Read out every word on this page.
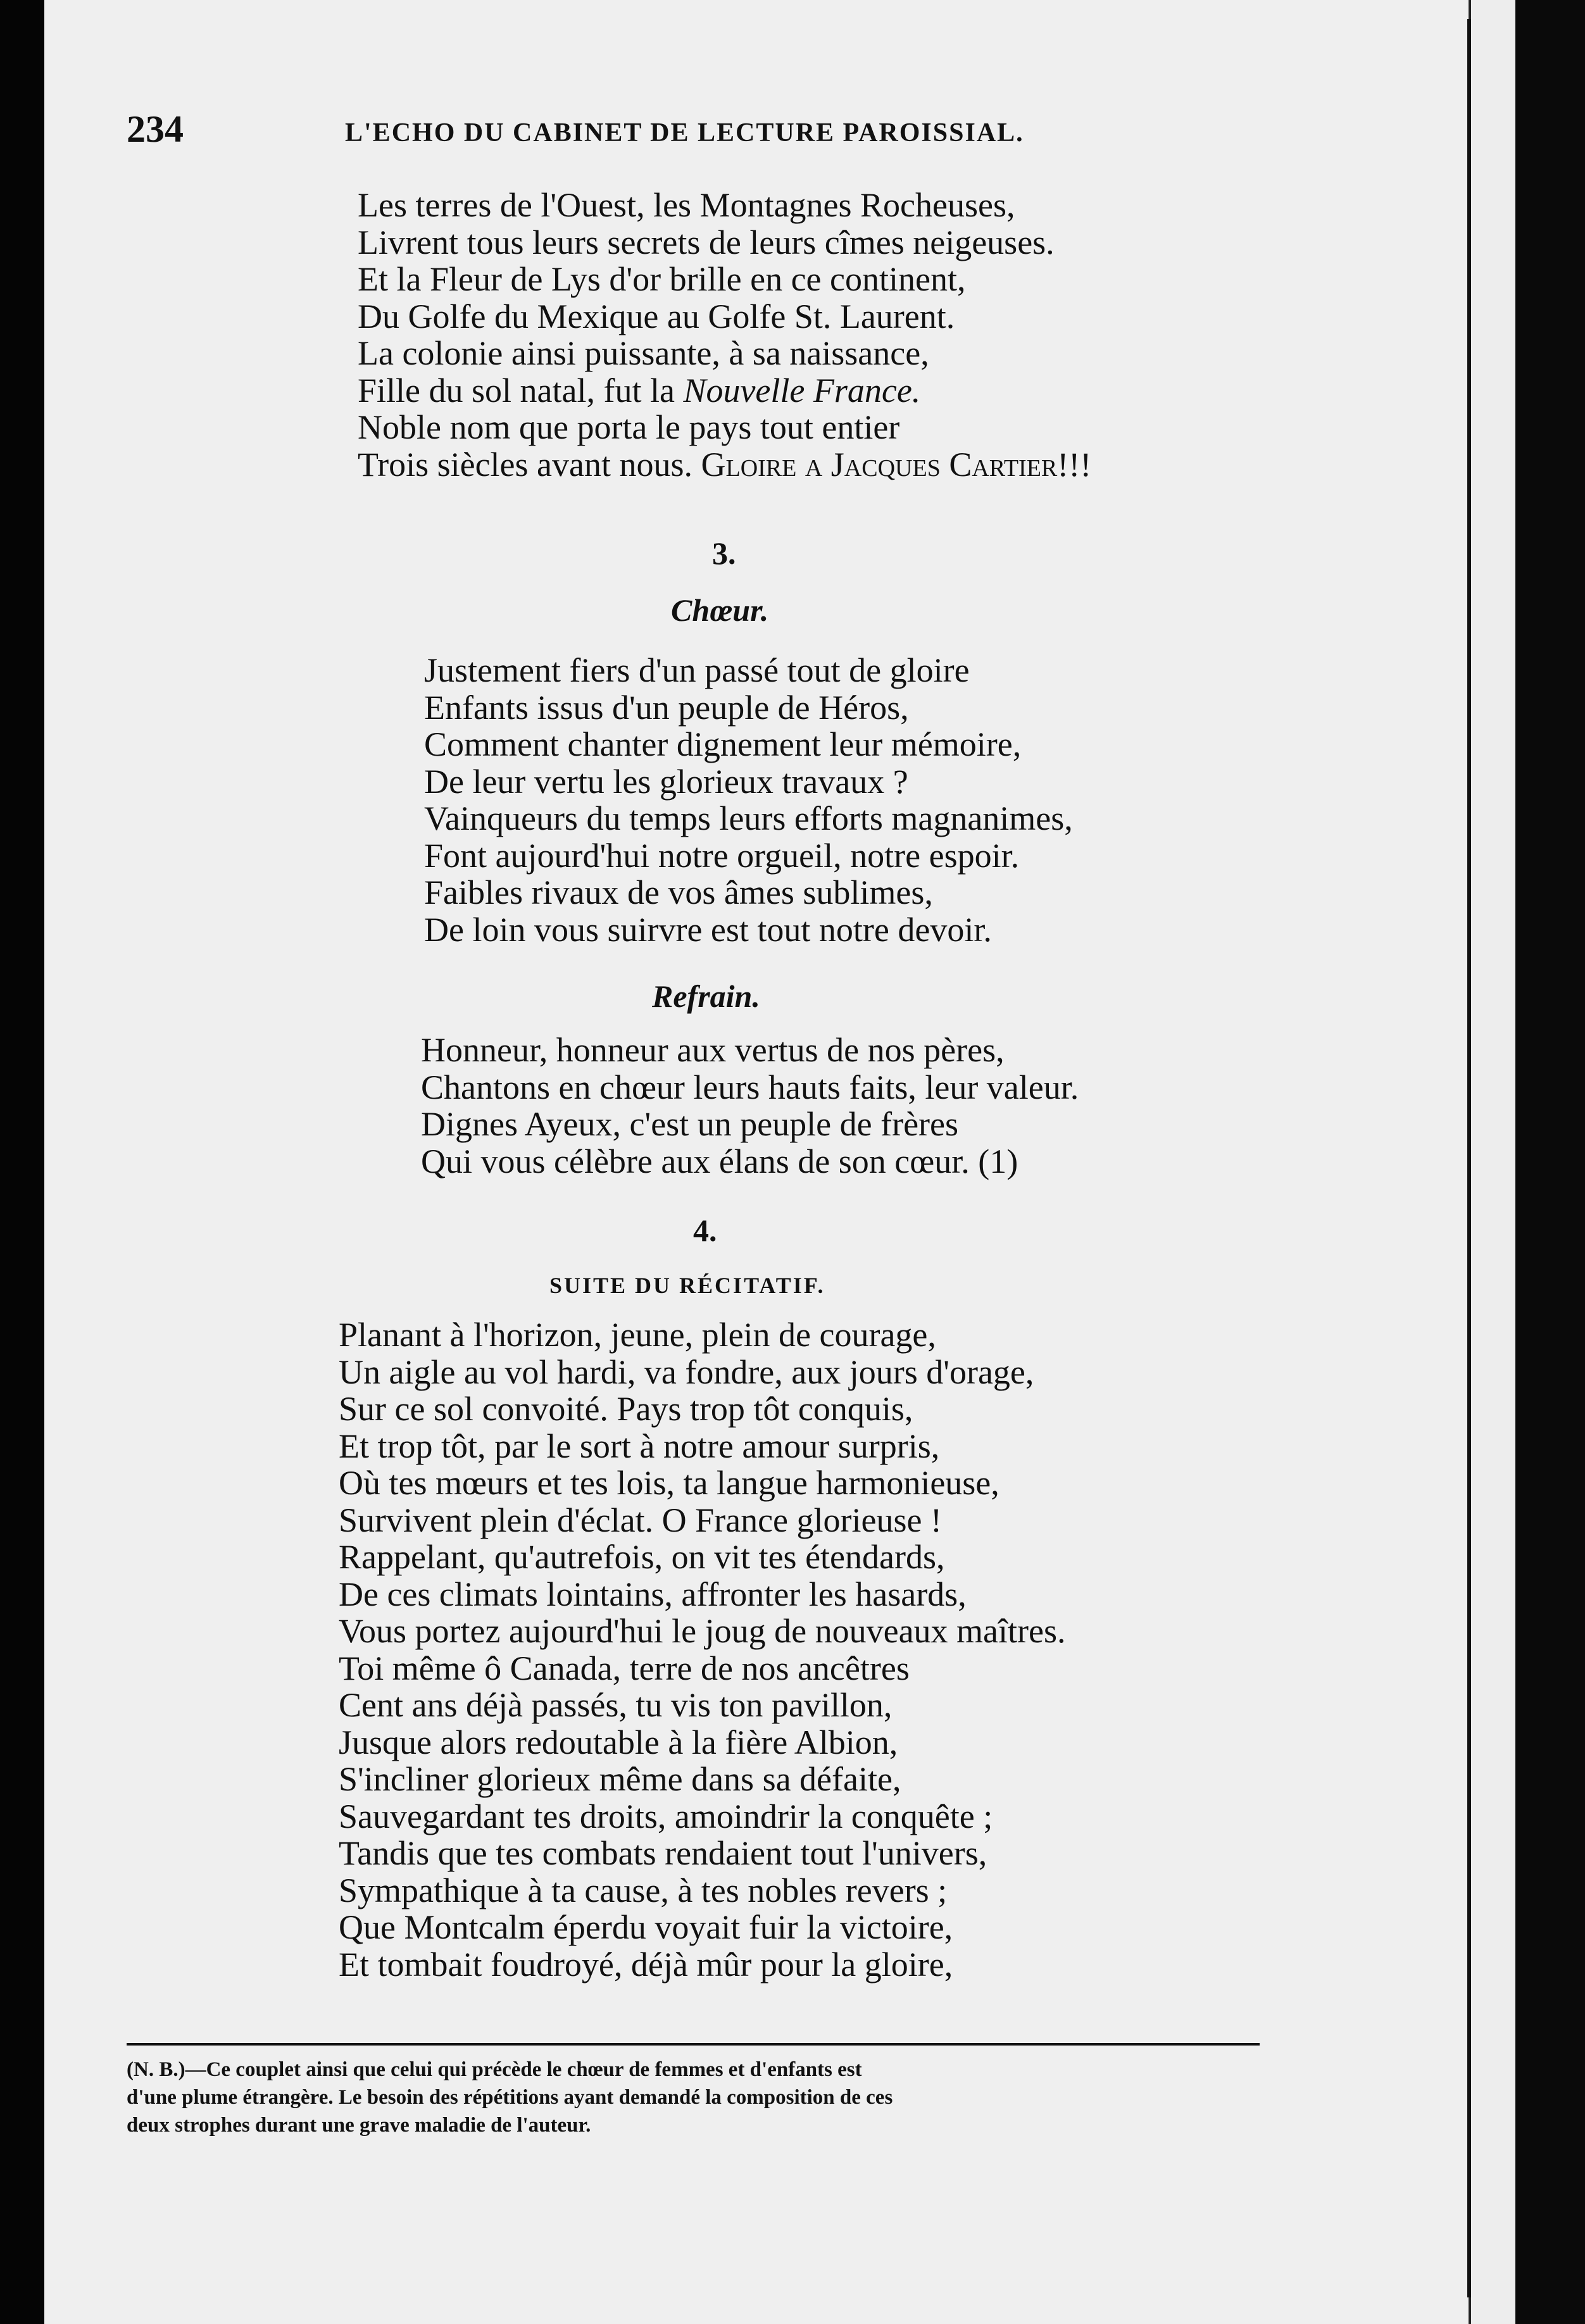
234	L'ECHO DU CABINET DE LECTURE PAROISSIAL.
Les terres de l'Ouest, les Montagnes Rocheuses,
Livrent tous leurs secrets de leurs cîmes neigeuses.
Et la Fleur de Lys d'or brille en ce continent,
Du Golfe du Mexique au Golfe St. Laurent.
La colonie ainsi puissante, à sa naissance,
Fille du sol natal, fut la Nouvelle France.
Noble nom que porta le pays tout entier
Trois siècles avant nous. Gloire a Jacques Cartier!!!
3.
Chœur.
Justement fiers d'un passé tout de gloire
Enfants issus d'un peuple de Héros,
Comment chanter dignement leur mémoire,
De leur vertu les glorieux travaux ?
Vainqueurs du temps leurs efforts magnanimes,
Font aujourd'hui notre orgueil, notre espoir.
Faibles rivaux de vos âmes sublimes,
De loin vous suirvre est tout notre devoir.
Refrain.
Honneur, honneur aux vertus de nos pères,
Chantons en chœur leurs hauts faits, leur valeur.
Dignes Ayeux, c'est un peuple de frères
Qui vous célèbre aux élans de son cœur. (1)
4.
SUITE DU RÉCITATIF.
Planant à l'horizon, jeune, plein de courage,
Un aigle au vol hardi, va fondre, aux jours d'orage,
Sur ce sol convoité. Pays trop tôt conquis,
Et trop tôt, par le sort à notre amour surpris,
Où tes mœurs et tes lois, ta langue harmonieuse,
Survivent plein d'éclat. O France glorieuse !
Rappelant, qu'autrefois, on vit tes étendards,
De ces climats lointains, affronter les hasards,
Vous portez aujourd'hui le joug de nouveaux maîtres.
Toi même ô Canada, terre de nos ancêtres
Cent ans déjà passés, tu vis ton pavillon,
Jusque alors redoutable à la fière Albion,
S'incliner glorieux même dans sa défaite,
Sauvegardant tes droits, amoindrir la conquête ;
Tandis que tes combats rendaient tout l'univers,
Sympathique à ta cause, à tes nobles revers ;
Que Montcalm éperdu voyait fuir la victoire,
Et tombait foudroyé, déjà mûr pour la gloire,
(N. B.)—Ce couplet ainsi que celui qui précède le chœur de femmes et d'enfants est
d'une plume étrangère. Le besoin des répétitions ayant demandé la composition de ces
deux strophes durant une grave maladie de l'auteur.
